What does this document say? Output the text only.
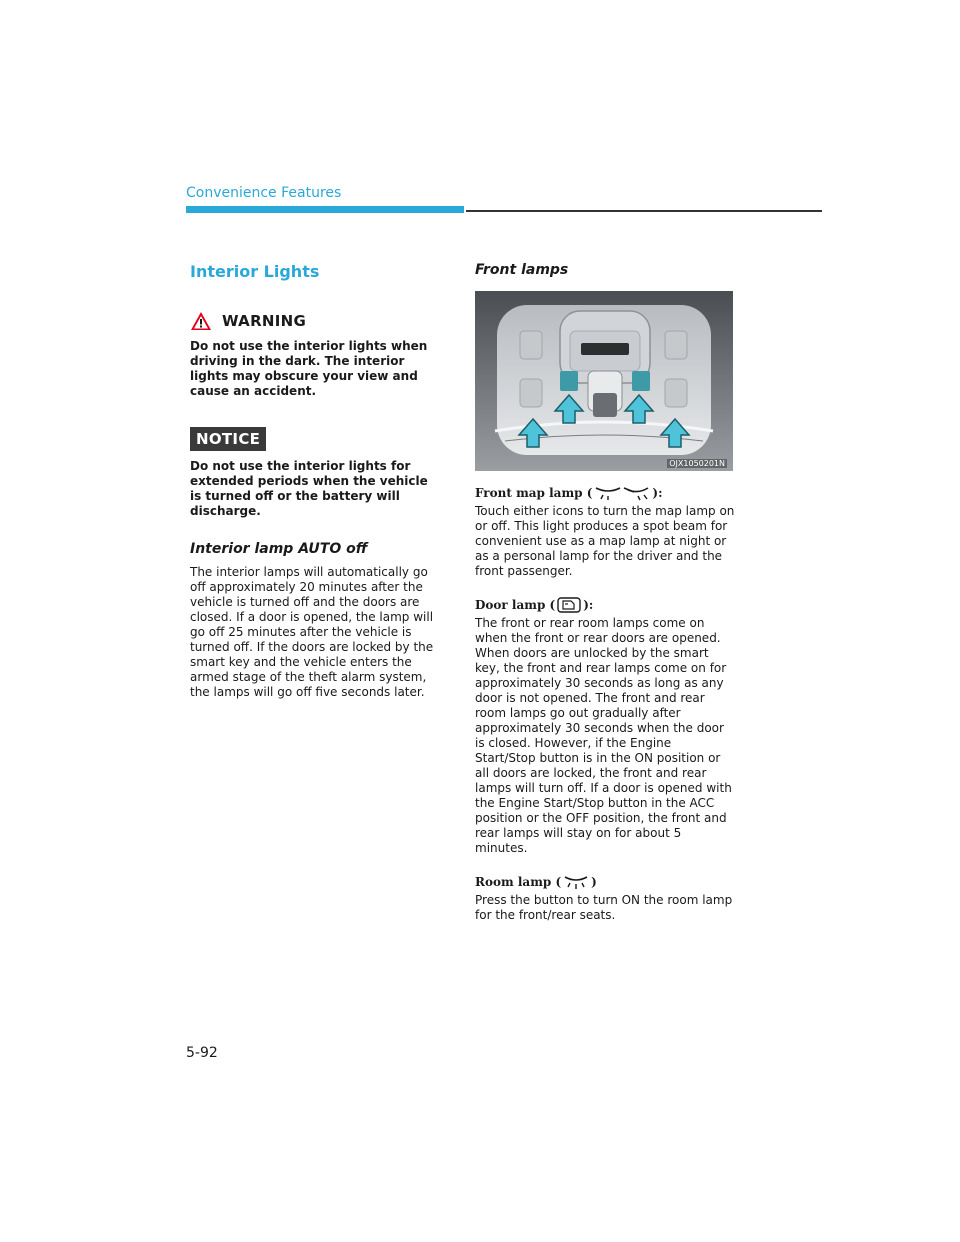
Convenience Features
Interior Lights
WARNING
Do not use the interior lights when driving in the dark. The interior lights may obscure your view and cause an accident.
NOTICE
Do not use the interior lights for extended periods when the vehicle is turned off or the battery will discharge.
Interior lamp AUTO off
The interior lamps will automatically go off approximately 20 minutes after the vehicle is turned off and the doors are closed. If a door is opened, the lamp will go off 25 minutes after the vehicle is turned off. If the doors are locked by the smart key and the vehicle enters the armed stage of the theft alarm system, the lamps will go off five seconds later.
Front lamps
OJX1050201N
Front map lamp (	):
Touch either icons to turn the map lamp on or off. This light produces a spot beam for convenient use as a map lamp at night or as a personal lamp for the driver and the front passenger.
Door lamp ( ):
The front or rear room lamps come on when the front or rear doors are opened. When doors are unlocked by the smart key, the front and rear lamps come on for approximately 30 seconds as long as any door is not opened. The front and rear room lamps go out gradually after approximately 30 seconds when the door is closed. However, if the Engine Start/Stop button is in the ON position or all doors are locked, the front and rear lamps will turn off. If a door is opened with the Engine Start/Stop button in the ACC position or the OFF position, the front and rear lamps will stay on for about 5 minutes.
Room lamp (	)
Press the button to turn ON the room lamp for the front/rear seats.
5-92
